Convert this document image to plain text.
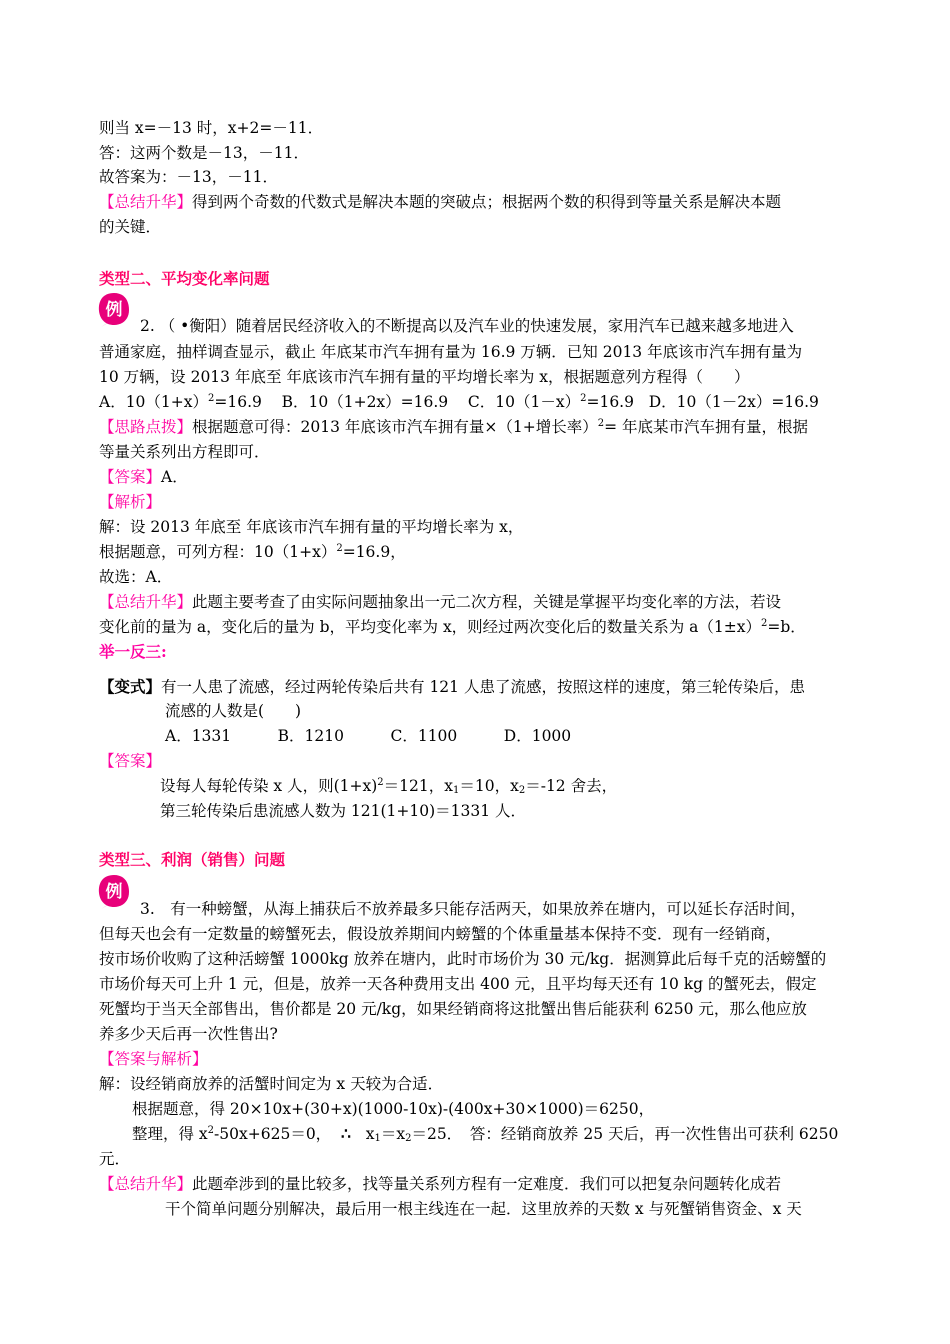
则当 x=－13 时，x+2=－11．
答：这两个数是－13，－11．
故答案为：－13，－11．
【总结升华】得到两个奇数的代数式是解决本题的突破点；根据两个数的积得到等量关系是解决本题
的关键．
类型二、平均变化率问题
例
2. （ •衡阳）随着居民经济收入的不断提高以及汽车业的快速发展，家用汽车已越来越多地进入
普通家庭，抽样调查显示，截止 年底某市汽车拥有量为 16.9 万辆．已知 2013 年底该市汽车拥有量为
10 万辆，设 2013 年底至 年底该市汽车拥有量的平均增长率为 x，根据题意列方程得（　　）
A．$10(1+x)^2=16.9$ B．10（1+2x）=16.9 C．$10(1-x)^2=16.9$ D．10（1－2x）=16.9
【思路点拨】根据题意可得：2013 年底该市汽车拥有量×（1+增长率）$^2$= 年底某市汽车拥有量，根据
等量关系列出方程即可．
【答案】A．
【解析】
解：设 2013 年底至 年底该市汽车拥有量的平均增长率为 x，
根据题意，可列方程：$10(1+x)^2=16.9$，
故选：A．
【总结升华】此题主要考查了由实际问题抽象出一元二次方程，关键是掌握平均变化率的方法，若设
变化前的量为 a，变化后的量为 b，平均变化率为 x，则经过两次变化后的数量关系为 $a(1\pm x)^2=b$．
举一反三:
【变式】有一人患了流感，经过两轮传染后共有 121 人患了流感，按照这样的速度，第三轮传染后，患
流感的人数是(　　)
A．1331　　　B．1210　　　C．1100　　　D．1000
【答案】
设每人每轮传染 x 人，则$(1+x)^2=121$，$x_1=10$，$x_2=-12$ 舍去，
第三轮传染后患流感人数为 121(1+10)＝1331 人．
类型三、利润（销售）问题
例
3.　有一种螃蟹，从海上捕获后不放养最多只能存活两天，如果放养在塘内，可以延长存活时间，
但每天也会有一定数量的螃蟹死去，假设放养期间内螃蟹的个体重量基本保持不变．现有一经销商，
按市场价收购了这种活螃蟹 1000kg 放养在塘内，此时市场价为 30 元/kg．据测算此后每千克的活螃蟹的
市场价每天可上升 1 元，但是，放养一天各种费用支出 400 元，且平均每天还有 10 kg 的蟹死去，假定
死蟹均于当天全部售出，售价都是 20 元/kg，如果经销商将这批蟹出售后能获利 6250 元，那么他应放
养多少天后再一次性售出?
【答案与解析】
解：设经销商放养的活蟹时间定为 x 天较为合适．
根据题意，得 20×10x+(30+x)(1000-10x)-(400x+30×1000)＝6250，
整理，得 $x^2-50x+625=0$， ∴ $x_1=x_2=25$．　答：经销商放养 25 天后，再一次性售出可获利 6250
元．
【总结升华】此题牵涉到的量比较多，找等量关系列方程有一定难度．我们可以把复杂问题转化成若
干个简单问题分别解决，最后用一根主线连在一起．这里放养的天数 x 与死蟹销售资金、x 天
